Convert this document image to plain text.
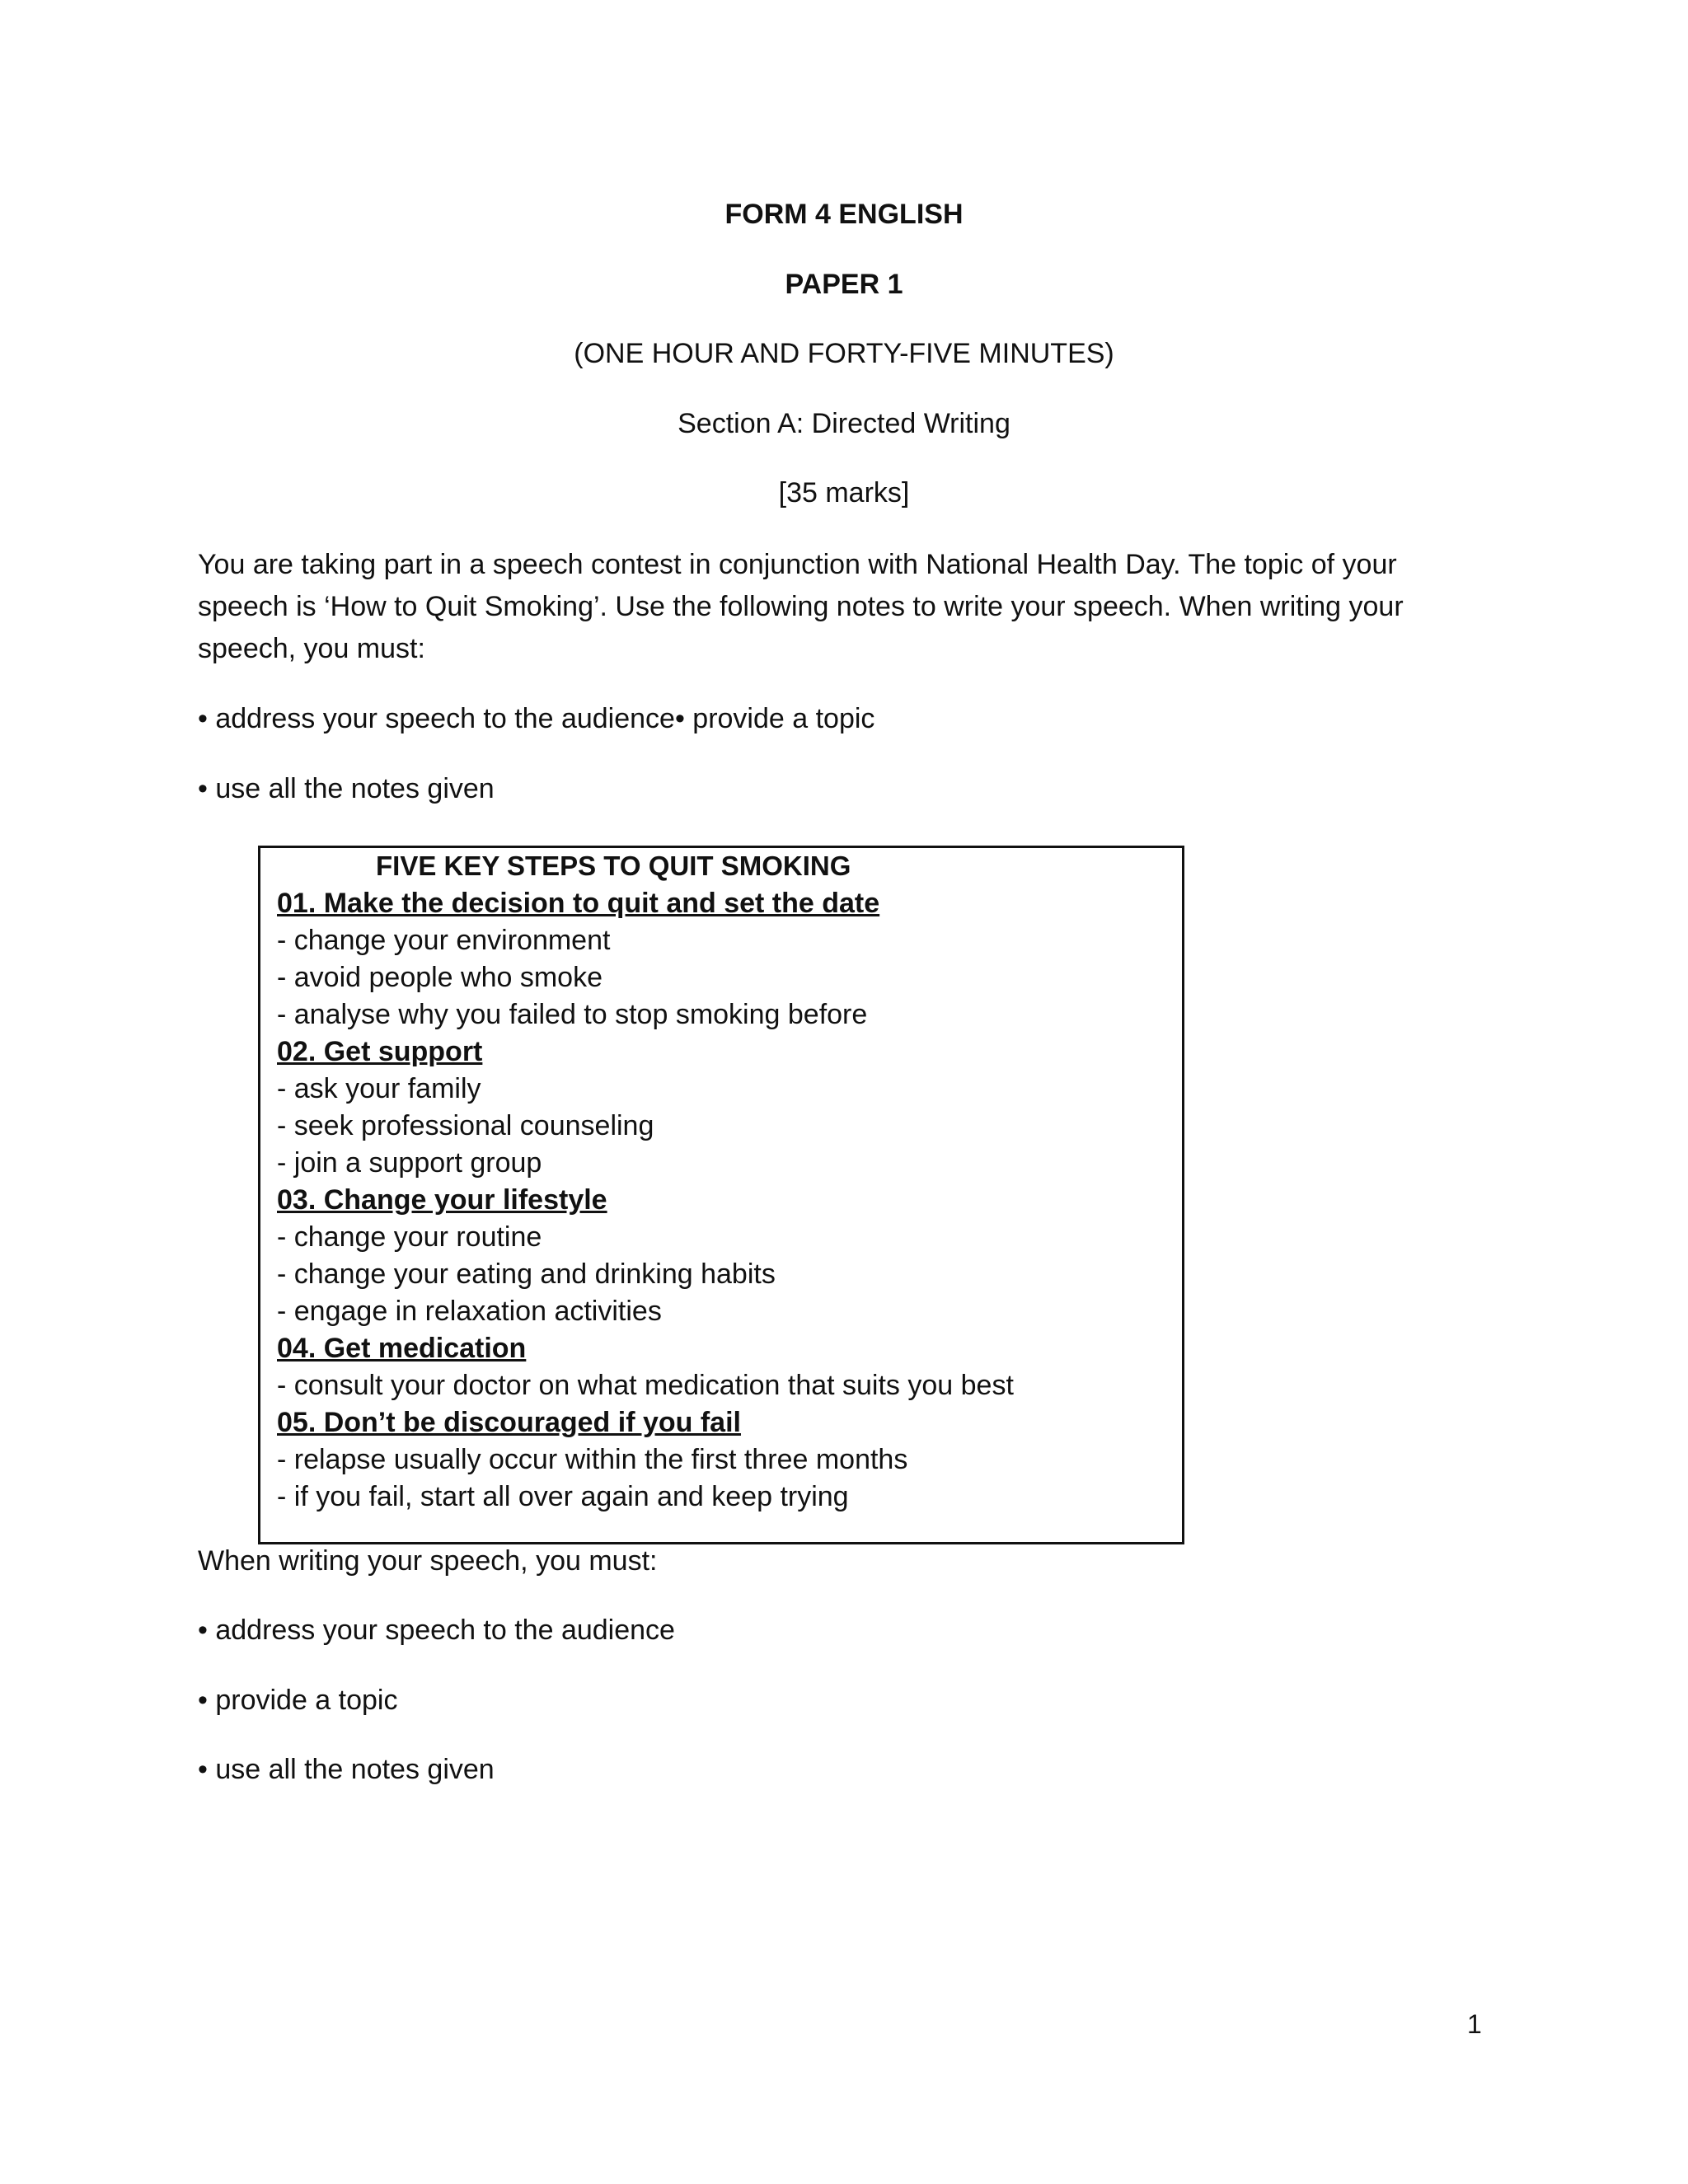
FORM 4 ENGLISH
PAPER 1
(ONE HOUR AND FORTY-FIVE MINUTES)
Section A: Directed Writing
[35 marks]
You are taking part in a speech contest in conjunction with National Health Day. The topic of your speech is ‘How to Quit Smoking’. Use the following notes to write your speech. When writing your speech, you must:
• address your speech to the audience• provide a topic
• use all the notes given
FIVE KEY STEPS TO QUIT SMOKING
01. Make the decision to quit and set the date
- change your environment
- avoid people who smoke
- analyse why you failed to stop smoking before
02. Get support
- ask your family
- seek professional counseling
- join a support group
03. Change your lifestyle
- change your routine
- change your eating and drinking habits
- engage in relaxation activities
04. Get medication
- consult your doctor on what medication that suits you best
05. Don’t be discouraged if you fail
- relapse usually occur within the first three months
- if you fail, start all over again and keep trying
When writing your speech, you must:
• address your speech to the audience
• provide a topic
• use all the notes given
1
